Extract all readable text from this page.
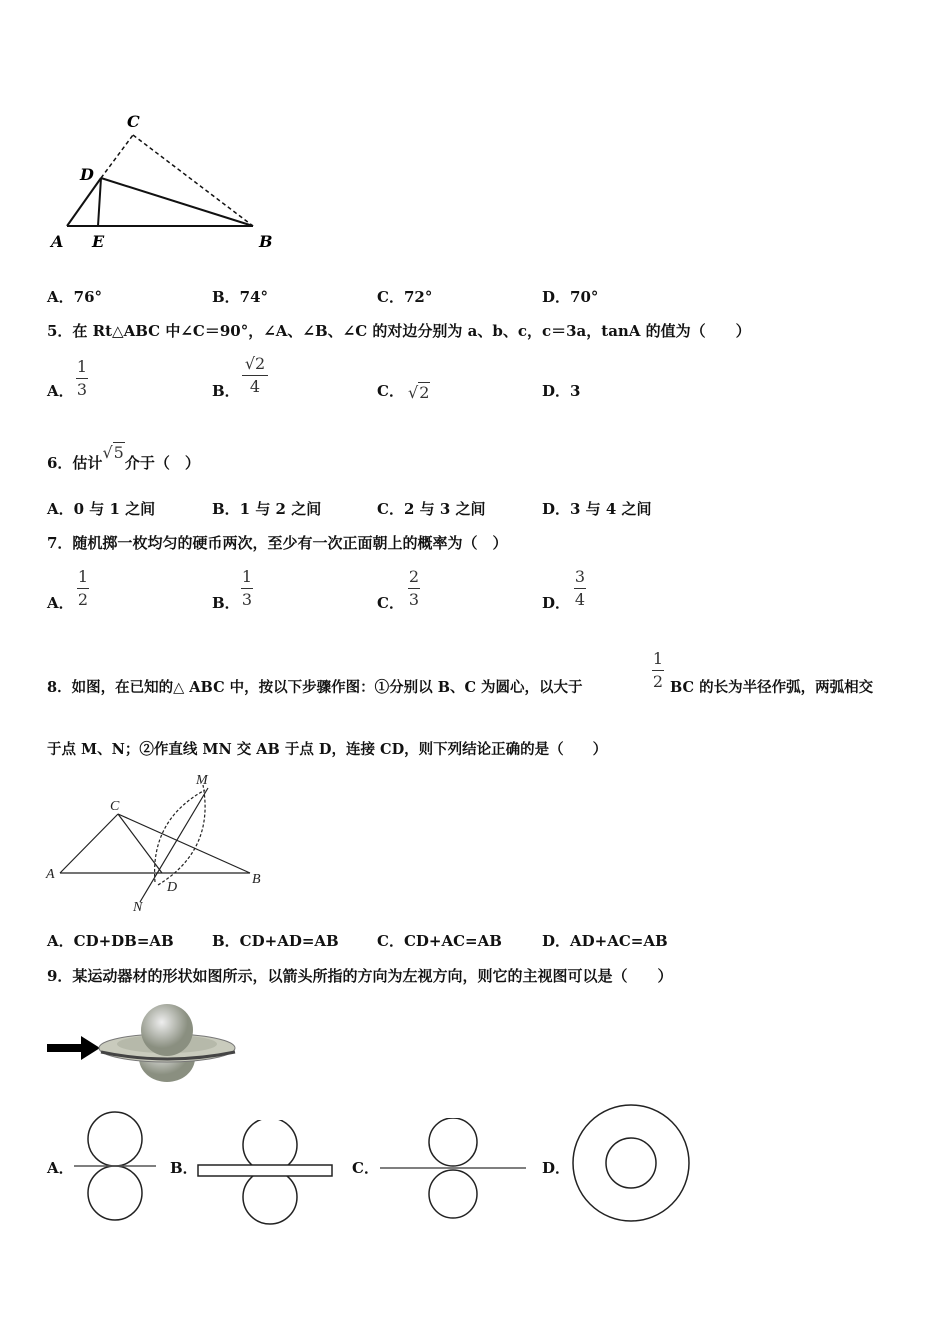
C
D
A E	B
A．76°	B．74°	C．72°	D．70°
5．在 Rt△ABC 中∠C＝90°，∠A、∠B、∠C 的对边分别为 a、b、c，c＝3a，tanA 的值为（　　）
A．
1
3	B．
√2
4	C． √2	D．3
6．估计√5介于（　）
A．0 与 1 之间	B．1 与 2 之间	C．2 与 3 之间	D．3 与 4 之间
7．随机掷一枚均匀的硬币两次，至少有一次正面朝上的概率为（　）
A．
1
2	B．
1
3	C．
2
3	D．
3
4
8．如图，在已知的△ ABC 中，按以下步骤作图：①分别以 B、C 为圆心，以大于
1
2 BC 的长为半径作弧，两弧相交
于点 M、N；②作直线 MN 交 AB 于点 D，连接 CD，则下列结论正确的是（　　）
M
C
A
D
B
N
A．CD+DB=AB	B．CD+AD=AB	C．CD+AC=AB	D．AD+AC=AB
9．某运动器材的形状如图所示，以箭头所指的方向为左视方向，则它的主视图可以是（　　）
A．	B．	C．	D．
